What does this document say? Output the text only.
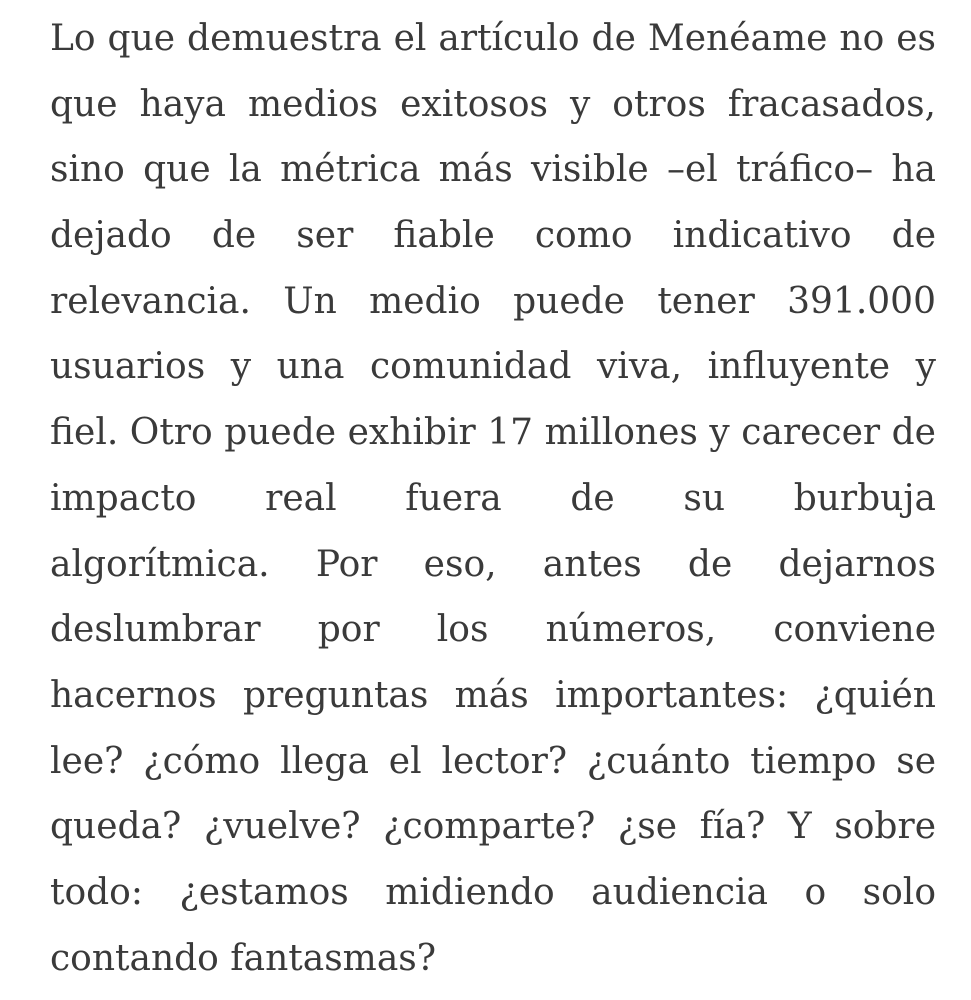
Lo que demuestra el artículo de Menéame no es
que haya medios exitosos y otros fracasados,
sino que la métrica más visible –el tráfico– ha
dejado de ser fiable como indicativo de
relevancia. Un medio puede tener 391.000
usuarios y una comunidad viva, influyente y
fiel. Otro puede exhibir 17 millones y carecer de
impacto real fuera de su burbuja
algorítmica. Por eso, antes de dejarnos
deslumbrar por los números, conviene
hacernos preguntas más importantes: ¿quién
lee? ¿cómo llega el lector? ¿cuánto tiempo se
queda? ¿vuelve? ¿comparte? ¿se fía? Y sobre
todo: ¿estamos midiendo audiencia o solo
contando fantasmas?
